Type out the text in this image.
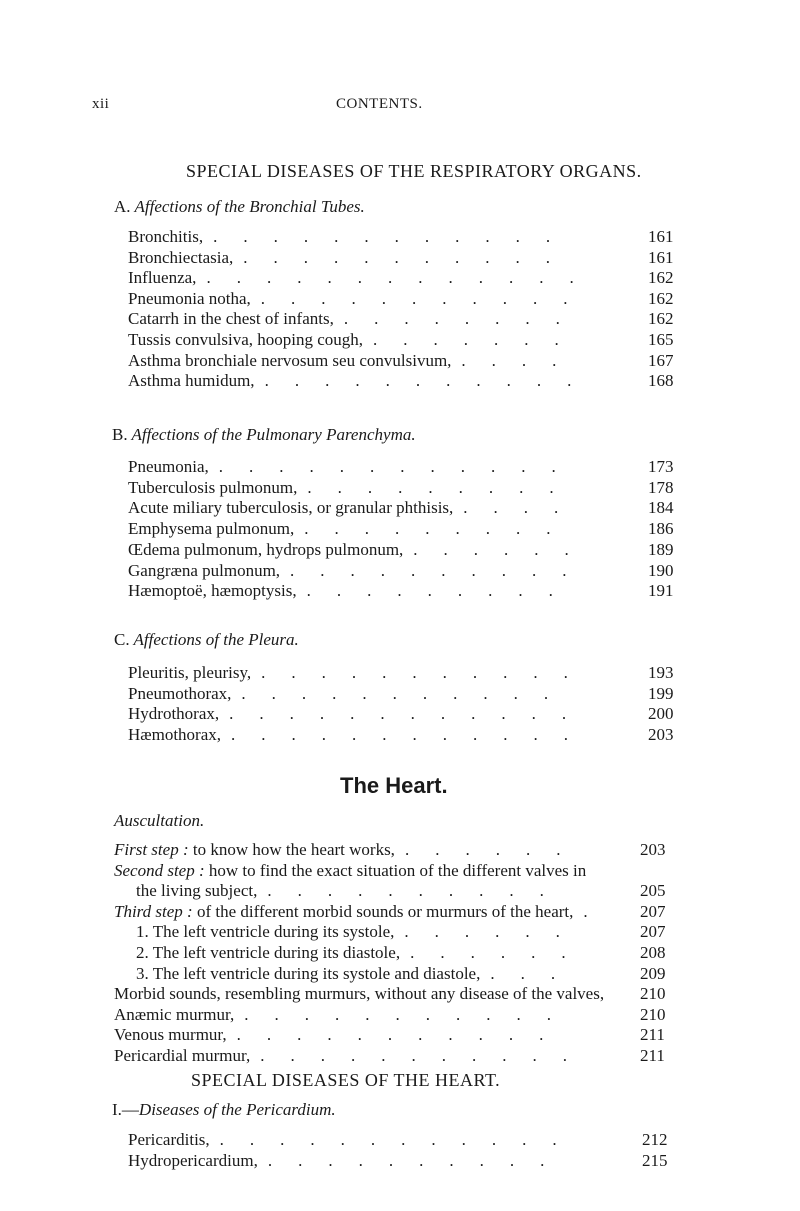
xii	CONTENTS.
SPECIAL DISEASES OF THE RESPIRATORY ORGANS.
A. Affections of the Bronchial Tubes.
Bronchitis,	161
............
Bronchiectasia,	161
...........
Influenza,	162
.............
Pneumonia notha,	162
...........
Catarrh in the chest of infants,	162
........
Tussis convulsiva, hooping cough,	165
.......
Asthma bronchiale nervosum seu convulsivum,	167
....
Asthma humidum,	168
...........
B. Affections of the Pulmonary Parenchyma.
Pneumonia,	173
............
Tuberculosis pulmonum,	178
.........
Acute miliary tuberculosis, or granular phthisis,	184
....
Emphysema pulmonum,	186
.........
Œdema pulmonum, hydrops pulmonum,	189
......
Gangræna pulmonum,	190
..........
Hæmoptoë, hæmoptysis,	191
.........
C. Affections of the Pleura.
Pleuritis, pleurisy,	193
...........
Pneumothorax,	199
...........
Hydrothorax,	200
............
Hæmothorax,	203
............
The Heart.
Auscultation.
First step : to know how the heart works,	203
......
Second step : how to find the exact situation of the different valves in
the living subject,	205
..........
Third step : of the different morbid sounds or murmurs of the heart,	207
.
1. The left ventricle during its systole,	207
......
2. The left ventricle during its diastole,	208
......
3. The left ventricle during its systole and diastole,	209
...
Morbid sounds, resembling murmurs, without any disease of the valves, 210
Anæmic murmur,	210
...........
Venous murmur,	211
...........
Pericardial murmur,	211
...........
SPECIAL DISEASES OF THE HEART.
I.—Diseases of the Pericardium.
Pericarditis,	212
............
Hydropericardium,	215
..........
